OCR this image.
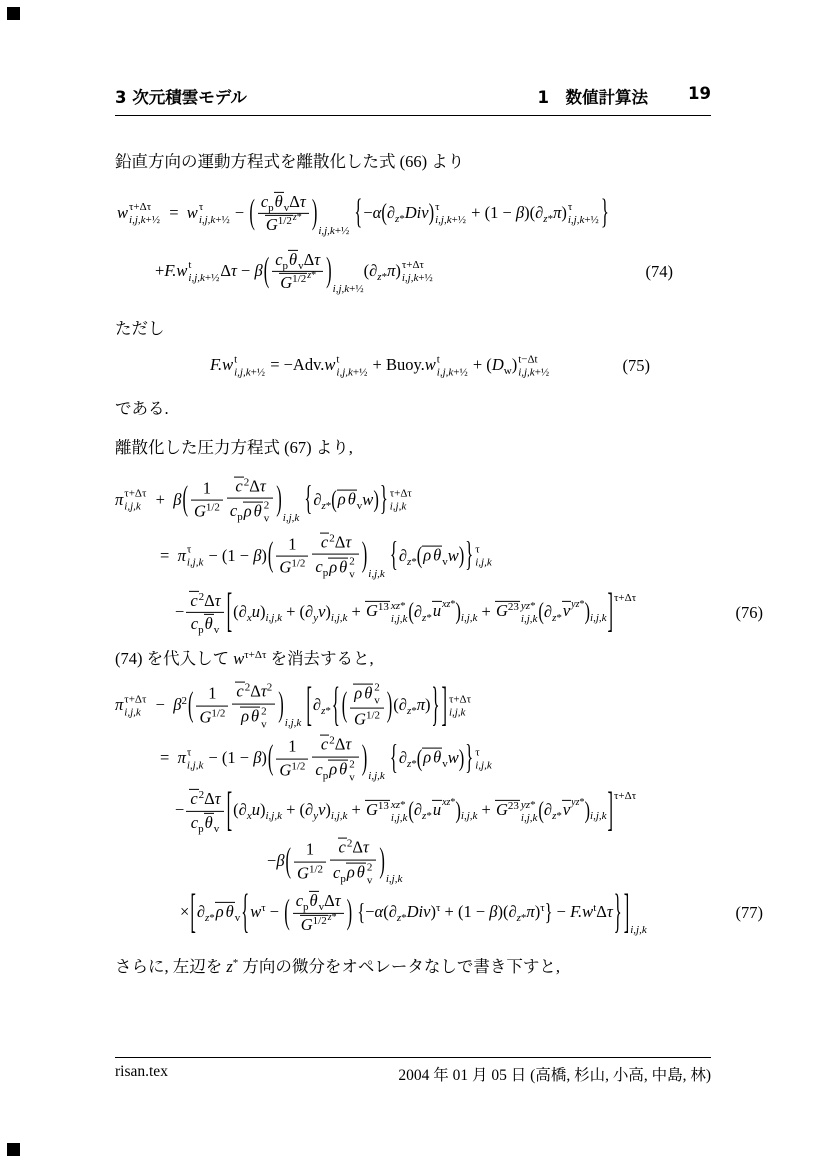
3 次元積雲モデル	1　数値計算法 19

鉛直方向の運動方程式を離散化した式 (66) より

w τ+Δτ
i,j,k+½ =  w τ
i,j,k+½ − ( $c_p\theta_v\Delta\tau$
$G^{1/2z*}$ )$_{i,j,k+\frac{1}{2}}$ {$-\alpha(\partial_{z*}Div)$ τ
i,j,k+½ + $(1 - \beta)(\partial_{z*}\pi)$ τ
i,j,k+½ }
+F.w t
i,j,k+½ Δτ − β( $c_p\theta_v\Delta\tau$
$G^{1/2z*}$ )$_{i,j,k+\frac{1}{2}}(\partial_{z*}\pi)$ τ+Δτ
i,j,k+½	(74)

ただし

F.w t
i,j,k+½ = −Adv.w t
i,j,k+½ + Buoy.w t
i,j,k+½ + $(D_w)$ t−Δt
i,j,k+½	(75)

である.

離散化した圧力方程式 (67) より,

π τ+Δτ
$i,j,k + \beta( \frac{1}{G^{1/2}} c^2\Delta\tau$
$c_p\rho$ θ 2
v
)$_{i,j,k}$ {$\partial_{z*}(\rho$ $\theta_vw$)} τ+Δτ
i,j,k
=  π τ
$i,j,k - (1 - \beta)( \frac{1}{G^{1/2}} c^2\Delta\tau$
$c_p\rho$ θ 2
v
)$_{i,j,k}$ {$\partial_{z*}(\rho$ $\theta_vw$)} τ
i,j,k
−
$c^2\Delta\tau$
$c_p\theta_v$ [$(\partial_xu)_{i,j,k} + (\partial_yv)_{i,j,k} + G^{13}$ xz*
i,j,k $(\partial_{z*}u^{xz*})_{i,j,k} + G^{23}$ yz*
i,j,k $(\partial_{z*}v^{yz*})_{i,j,k}]^{\tau+\Delta\tau}$
(76)

(74) を代入して $w^{\tau+\Delta\tau}$ を消去すると,

π τ+Δτ
$i,j,k - \beta^2( \frac{1}{G^{1/2}} c^2\Delta\tau^2$
ρ θ 2
v )$_{i,j,k}$ [$\partial_{z*}${ ( ρ θ 2
v
$G^{1/2}$ )$(\partial_{z*}\pi)$} ] τ+Δτ
i,j,k
=  π τ
$i,j,k - (1 - \beta)( \frac{1}{G^{1/2}} c^2\Delta\tau$
$c_p\rho$ θ 2
v
)$_{i,j,k}$ {$\partial_{z*}(\rho$ $\theta_vw$)} τ
i,j,k
−
$c^2\Delta\tau$
$c_p\theta_v$ [$(\partial_xu)_{i,j,k} + (\partial_yv)_{i,j,k} + G^{13}$ xz*
i,j,k $(\partial_{z*}u^{xz*})_{i,j,k} + G^{23}$ yz*
i,j,k $(\partial_{z*}v^{yz*})_{i,j,k}]^{\tau+\Delta\tau}$
$-\beta( \frac{1}{G^{1/2}} c^2\Delta\tau$
$c_p\rho$ θ 2
v
)$_{i,j,k}$
$\times[\partial_{z*}\rho$ $\theta_v\{w^\tau$ − ( $c_p\theta_v\Delta\tau$
$G^{1/2z*}$ ) $\{-\alpha(\partial_{z*}Div)^\tau + (1 - \beta)(\partial_{z*}\pi)^\tau\} - F.w^t\Delta\tau$} ]$_{i,j,k}$
(77)

さらに, 左辺を z* 方向の微分をオペレータなしで書き下すと,

risan.tex	2004 年 01 月 05 日 (高橋, 杉山, 小高, 中島, 林)
